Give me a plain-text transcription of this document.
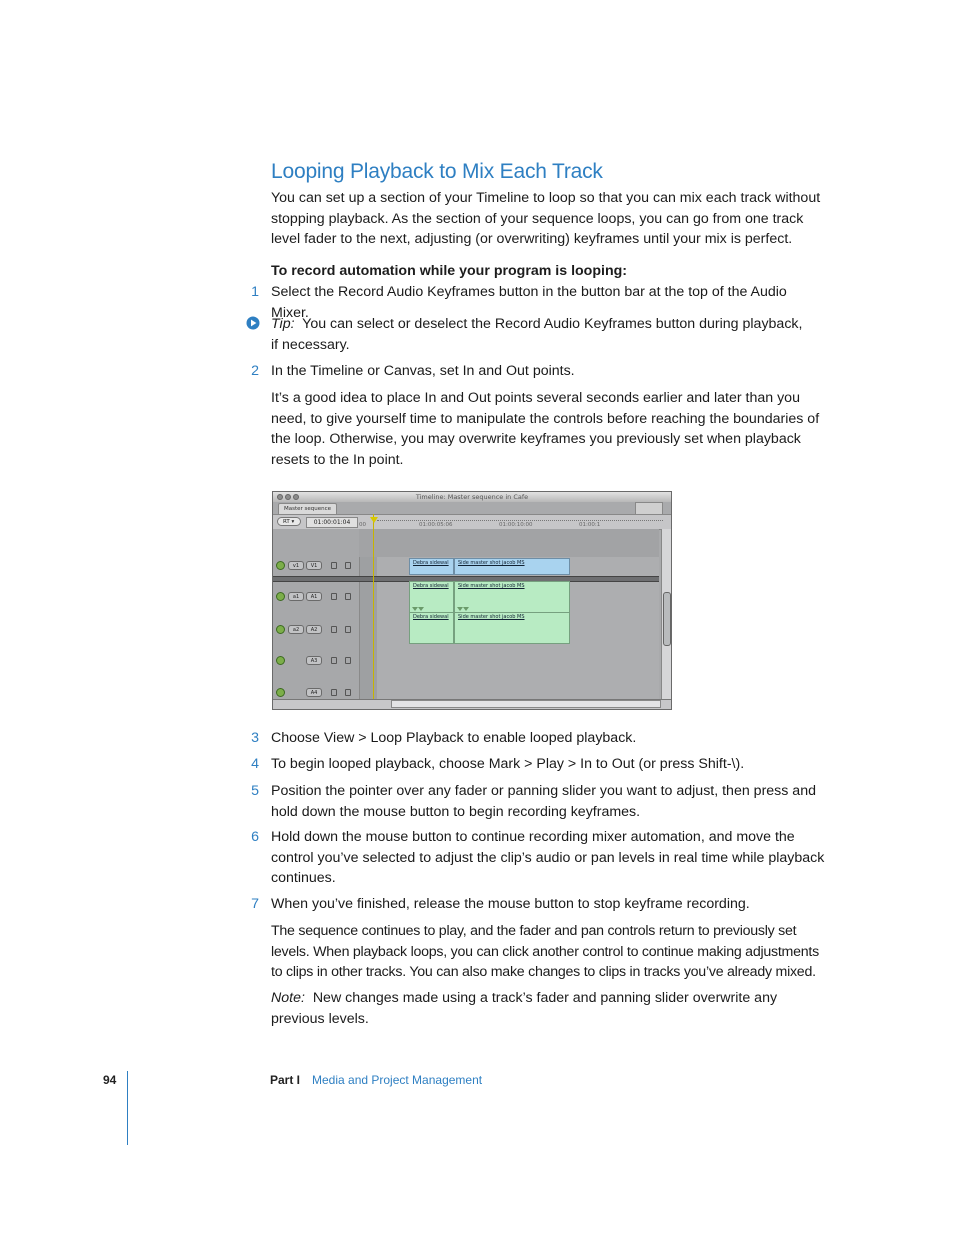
Looping Playback to Mix Each Track
You can set up a section of your Timeline to loop so that you can mix each track without stopping playback. As the section of your sequence loops, you can go from one track level fader to the next, adjusting (or overwriting) keyframes until your mix is perfect.
To record automation while your program is looping:
1 Select the Record Audio Keyframes button in the button bar at the top of the Audio Mixer.
Tip: You can select or deselect the Record Audio Keyframes button during playback, if necessary.
2 In the Timeline or Canvas, set In and Out points.
It’s a good idea to place In and Out points several seconds earlier and later than you need, to give yourself time to manipulate the controls before reaching the boundaries of the loop. Otherwise, you may overwrite keyframes you previously set when playback resets to the In point.
Timeline: Master sequence in Cafe
Master sequence
RT ▾	01:00:01:04	00	01:00:05:06	01:00:10:00	01:00:1
v1	V1	Debra sidewal	Side master shot jacob MS
a1	A1
Debra sidewal	Side master shot jacob MS
a2	A2
Debra sidewal	Side master shot jacob MS
A3
A4
3 Choose View > Loop Playback to enable looped playback.
4 To begin looped playback, choose Mark > Play > In to Out (or press Shift-\).
5 Position the pointer over any fader or panning slider you want to adjust, then press and hold down the mouse button to begin recording keyframes.
6 Hold down the mouse button to continue recording mixer automation, and move the control you’ve selected to adjust the clip’s audio or pan levels in real time while playback continues.
7 When you’ve finished, release the mouse button to stop keyframe recording.
The sequence continues to play, and the fader and pan controls return to previously set levels. When playback loops, you can click another control to continue making adjustments to clips in other tracks. You can also make changes to clips in tracks you’ve already mixed.
Note: New changes made using a track’s fader and panning slider overwrite any previous levels.
94	Part I Media and Project Management
